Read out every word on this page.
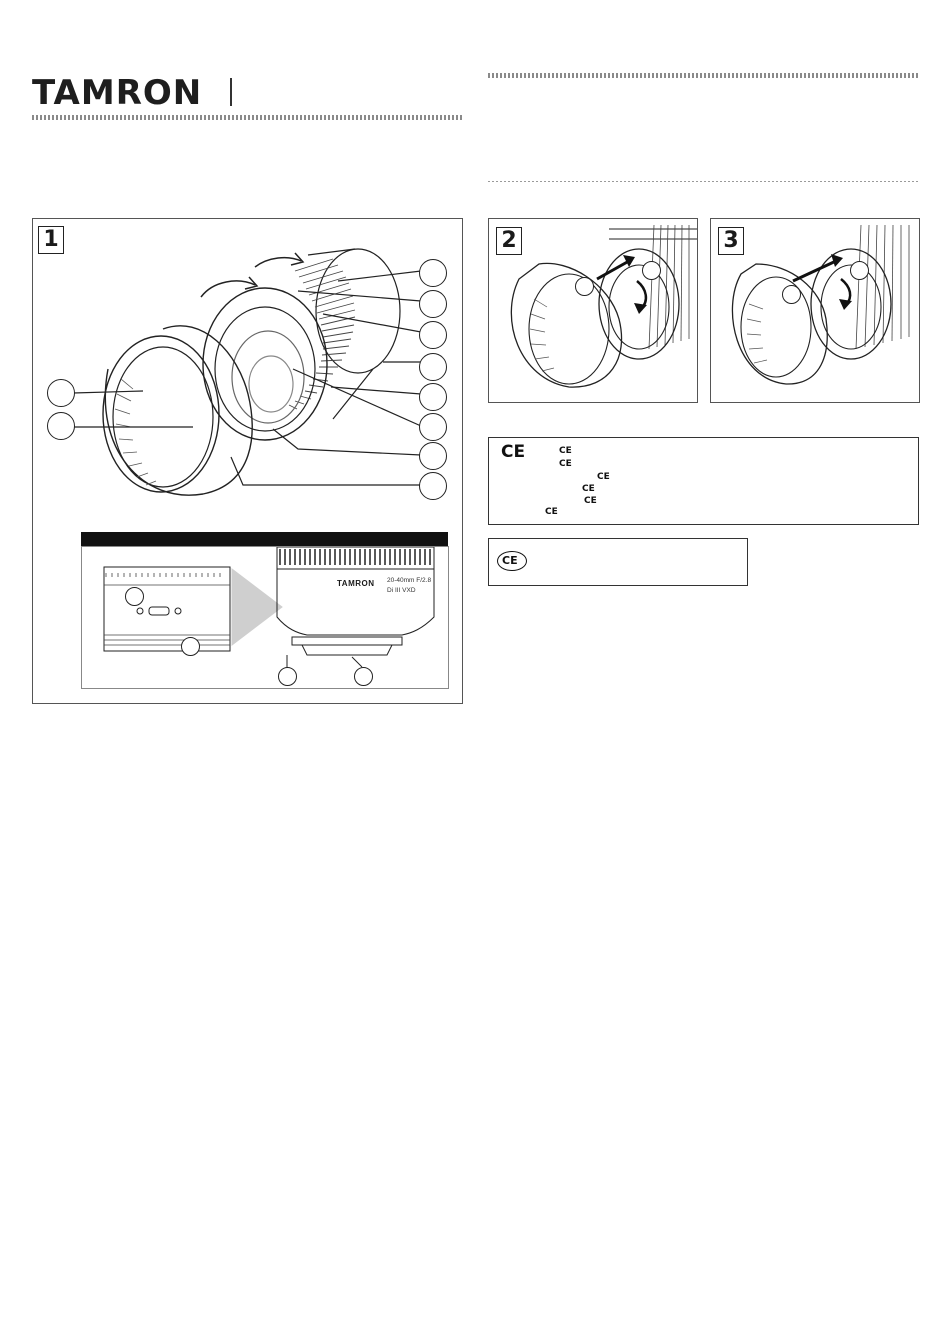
TAMRON
1
TAMRON 20-40mm F/2.8
Di III VXD
2	3
CE	CE
CE
CE
CE
CE
CE
CE
